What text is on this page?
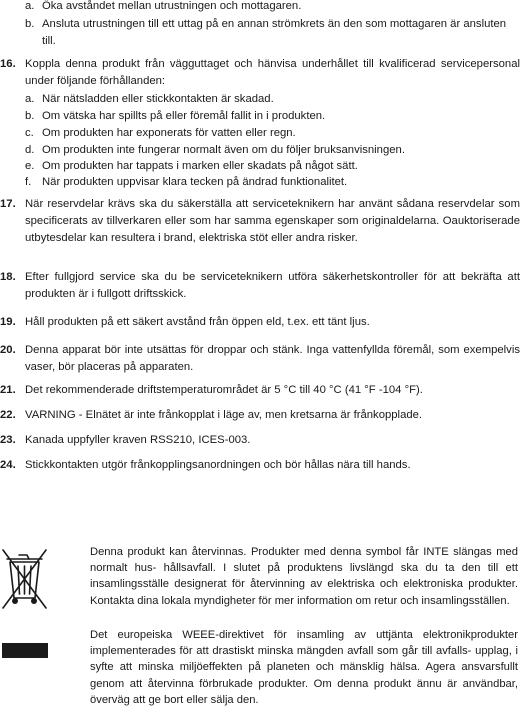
a. Öka avståndet mellan utrustningen och mottagaren.
b. Ansluta utrustningen till ett uttag på en annan strömkrets än den som mottagaren är ansluten till.
16. Koppla denna produkt från vägguttaget och hänvisa underhållet till kvalificerad servicepersonal under följande förhållanden:
a. När nätsladden eller stickkontakten är skadad.
b. Om vätska har spillts på eller föremål fallit in i produkten.
c. Om produkten har exponerats för vatten eller regn.
d. Om produkten inte fungerar normalt även om du följer bruksanvisningen.
e. Om produkten har tappats i marken eller skadats på något sätt.
f. När produkten uppvisar klara tecken på ändrad funktionalitet.
17. När reservdelar krävs ska du säkerställa att serviceteknikern har använt sådana reservdelar som specificerats av tillverkaren eller som har samma egenskaper som originaldelarna. Oauktoriserade utbytesdelar kan resultera i brand, elektriska stöt eller andra risker.
18. Efter fullgjord service ska du be serviceteknikern utföra säkerhetskontroller för att bekräfta att produkten är i fullgott driftsskick.
19. Håll produkten på ett säkert avstånd från öppen eld, t.ex. ett tänt ljus.
20. Denna apparat bör inte utsättas för droppar och stänk. Inga vattenfyllda föremål, som exempelvis vaser, bör placeras på apparaten.
21. Det rekommenderade driftstemperaturområdet är 5 °C till 40 °C (41 °F -104 °F).
22. VARNING - Elnätet är inte frånkopplat i läge av, men kretsarna är frånkopplade.
23. Kanada uppfyller kraven RSS210, ICES-003.
24. Stickkontakten utgör frånkopplingsanordningen och bör hållas nära till hands.
Denna produkt kan återvinnas. Produkter med denna symbol får INTE slängas med normalt hus- hållsavfall. I slutet på produktens livslängd ska du ta den till ett insamlingsställe designerat för återvinning av elektriska och elektroniska produkter. Kontakta dina lokala myndigheter för mer information om retur och insamlingsställen.
Det europeiska WEEE-direktivet för insamling av uttjänta elektronikprodukter implementerades för att drastiskt minska mängden avfall som går till avfalls- upplag, i syfte att minska miljöeffekten på planeten och mänsklig hälsa. Agera ansvarsfullt genom att återvinna förbrukade produkter. Om denna produkt ännu är användbar, överväg att ge bort eller sälja den.
